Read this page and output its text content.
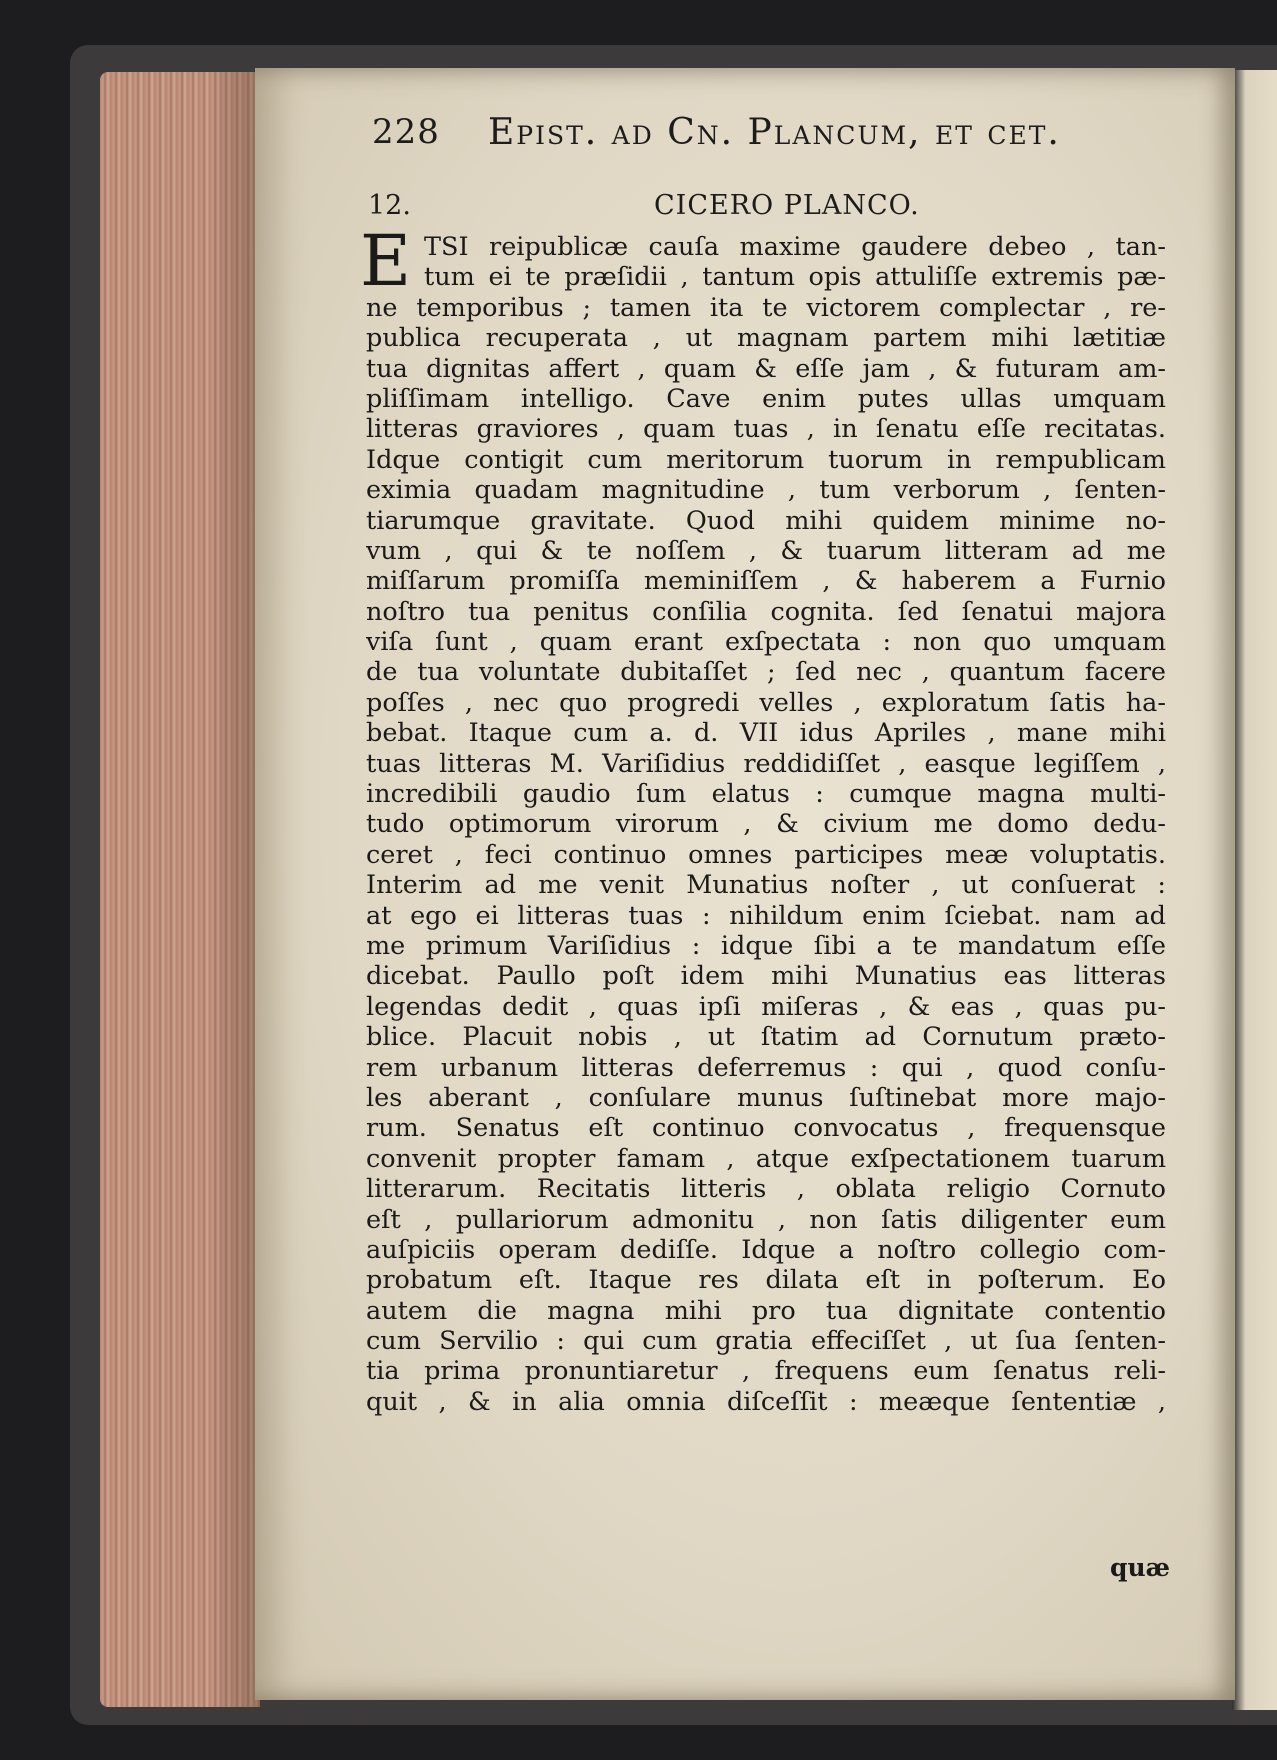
228 Epist. ad Cn. Plancum, et cet.
12.	CICERO PLANCO.
E TSI reipublicæ cauſa maxime gaudere debeo , tan-
tum ei te præſidii , tantum opis attuliſſe extremis pæ-
ne temporibus ; tamen ita te victorem complectar , re-
publica recuperata , ut magnam partem mihi lætitiæ
tua dignitas affert , quam & eſſe jam , & futuram am-
pliſſimam intelligo. Cave enim putes ullas umquam
litteras graviores , quam tuas , in ſenatu eſſe recitatas.
Idque contigit cum meritorum tuorum in rempublicam
eximia quadam magnitudine , tum verborum , ſenten-
tiarumque gravitate. Quod mihi quidem minime no-
vum , qui & te noſſem , & tuarum litteram ad me
miſſarum promiſſa meminiſſem , & haberem a Furnio
noſtro tua penitus conſilia cognita. ſed ſenatui majora
viſa ſunt , quam erant exſpectata : non quo umquam
de tua voluntate dubitaſſet ; ſed nec , quantum facere
poſſes , nec quo progredi velles , exploratum ſatis ha-
bebat. Itaque cum a. d. VII idus Apriles , mane mihi
tuas litteras M. Variſidius reddidiſſet , easque legiſſem ,
incredibili gaudio ſum elatus : cumque magna multi-
tudo optimorum virorum , & civium me domo dedu-
ceret , feci continuo omnes participes meæ voluptatis.
Interim ad me venit Munatius noſter , ut conſuerat :
at ego ei litteras tuas : nihildum enim ſciebat. nam ad
me primum Variſidius : idque ſibi a te mandatum eſſe
dicebat. Paullo poſt idem mihi Munatius eas litteras
legendas dedit , quas ipſi miſeras , & eas , quas pu-
blice. Placuit nobis , ut ſtatim ad Cornutum præto-
rem urbanum litteras deferremus : qui , quod conſu-
les aberant , conſulare munus ſuſtinebat more majo-
rum. Senatus eſt continuo convocatus , frequensque
convenit propter famam , atque exſpectationem tuarum
litterarum. Recitatis litteris , oblata religio Cornuto
eſt , pullariorum admonitu , non ſatis diligenter eum
auſpiciis operam dediſſe. Idque a noſtro collegio com-
probatum eſt. Itaque res dilata eſt in poſterum. Eo
autem die magna mihi pro tua dignitate contentio
cum Servilio : qui cum gratia effeciſſet , ut ſua ſenten-
tia prima pronuntiaretur , frequens eum ſenatus reli-
quit , & in alia omnia diſceſſit : meæque ſententiæ ,
quæ
